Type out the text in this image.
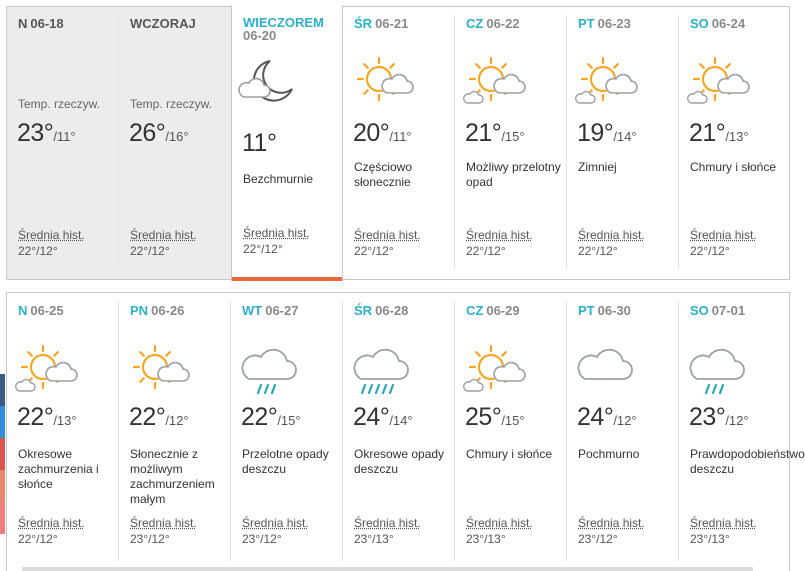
N 06-18
Temp. rzeczyw.
23°/11°
Średnia hist.
22°/12°
WCZORAJ
Temp. rzeczyw.
26°/16°
Średnia hist.
22°/12°
WIECZOREM
06-20
11°
Bezchmurnie
Średnia hist.
22°/12°
ŚR 06-21
20°/11°
Częściowo słonecznie
Średnia hist.
22°/12°
CZ 06-22
21°/15°
Możliwy przelotny opad
Średnia hist.
22°/12°
PT 06-23
19°/14°
Zimniej
Średnia hist.
22°/12°
SO 06-24
21°/13°
Chmury i słońce
Średnia hist.
22°/12°
N 06-25
22°/13°
Okresowe zachmurzenia i słońce
Średnia hist.
22°/12°
PN 06-26
22°/12°
Słonecznie z możliwym zachmurzeniem małym
Średnia hist.
23°/12°
WT 06-27
22°/15°
Przelotne opady deszczu
Średnia hist.
23°/12°
ŚR 06-28
24°/14°
Okresowe opady deszczu
Średnia hist.
23°/13°
CZ 06-29
25°/15°
Chmury i słońce
Średnia hist.
23°/13°
PT 06-30
24°/12°
Pochmurno
Średnia hist.
23°/12°
SO 07-01
23°/12°
Prawdopodobieństwo deszczu
Średnia hist.
23°/13°
